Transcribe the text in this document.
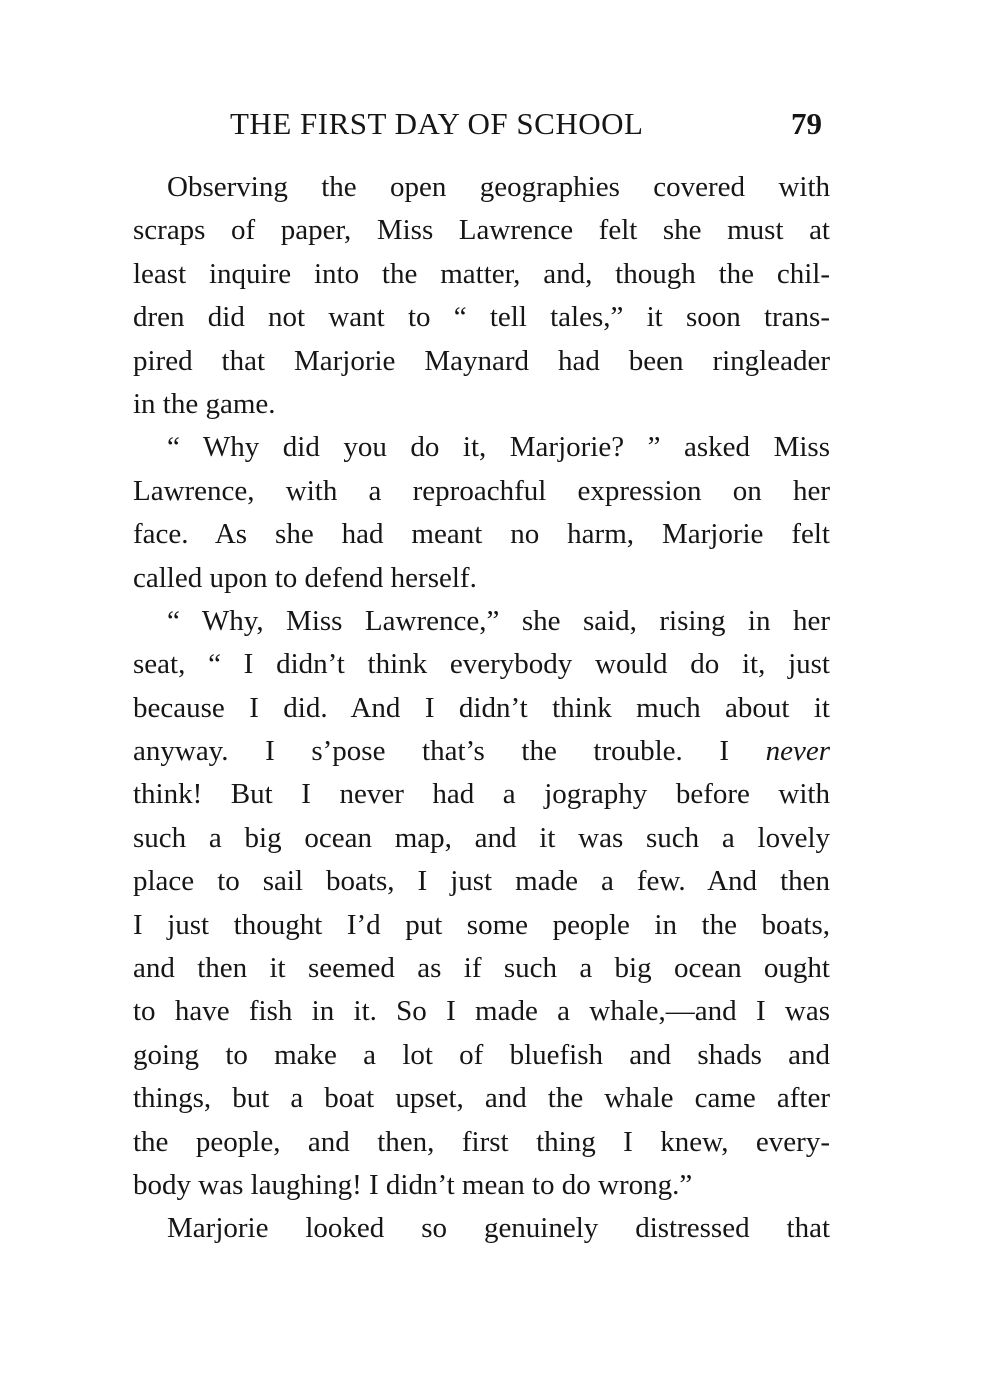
THE FIRST DAY OF SCHOOL	79
Observing the open geographies covered with
scraps of paper, Miss Lawrence felt she must at
least inquire into the matter, and, though the chil-
dren did not want to “ tell tales,” it soon trans-
pired that Marjorie Maynard had been ringleader
in the game.
“ Why did you do it, Marjorie? ” asked Miss
Lawrence, with a reproachful expression on her
face. As she had meant no harm, Marjorie felt
called upon to defend herself.
“ Why, Miss Lawrence,” she said, rising in her
seat, “ I didn’t think everybody would do it, just
because I did. And I didn’t think much about it
anyway. I s’pose that’s the trouble. I never
think! But I never had a jography before with
such a big ocean map, and it was such a lovely
place to sail boats, I just made a few. And then
I just thought I’d put some people in the boats,
and then it seemed as if such a big ocean ought
to have fish in it. So I made a whale,—and I was
going to make a lot of bluefish and shads and
things, but a boat upset, and the whale came after
the people, and then, first thing I knew, every-
body was laughing! I didn’t mean to do wrong.”
Marjorie looked so genuinely distressed that
